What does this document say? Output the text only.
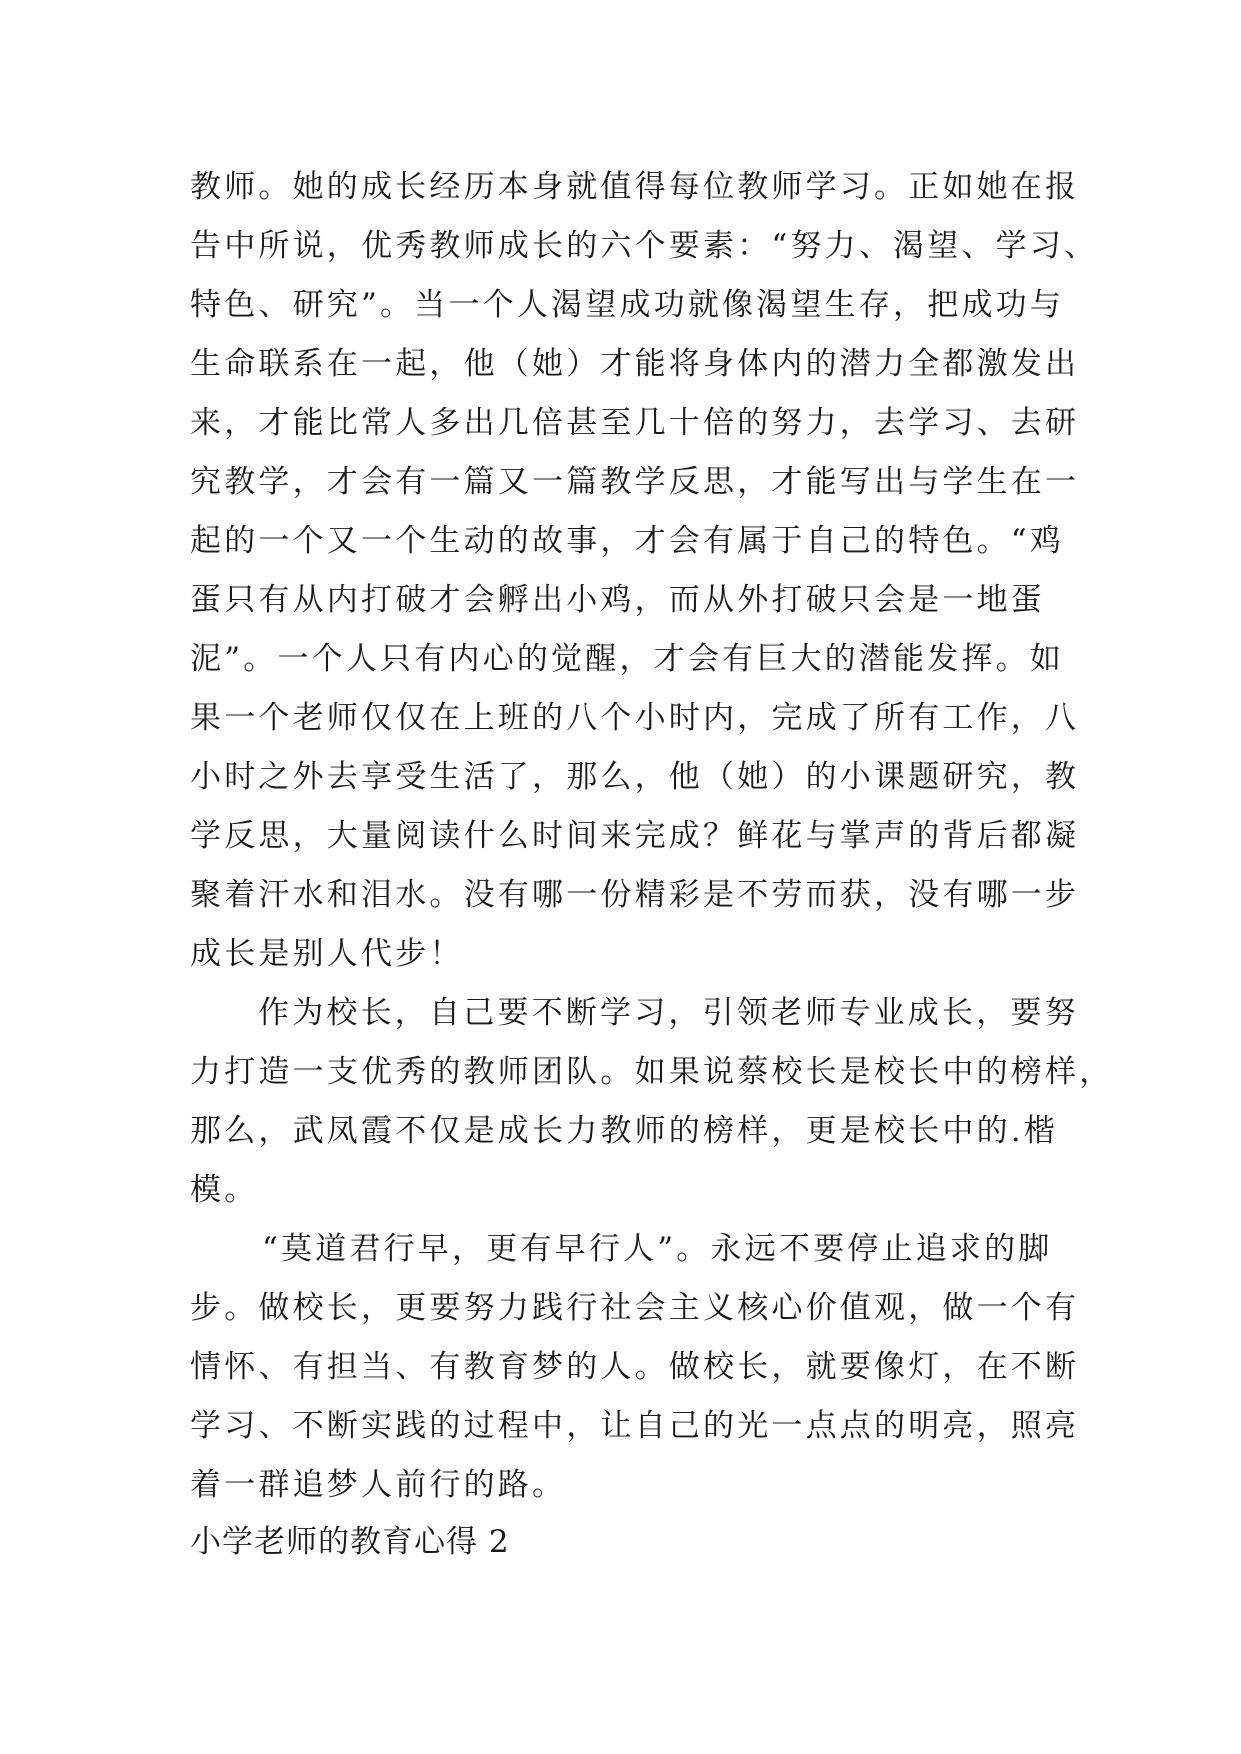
教师。她的成长经历本身就值得每位教师学习。正如她在报
告中所说，优秀教师成长的六个要素：“努力、渴望、学习、
特色、研究”。当一个人渴望成功就像渴望生存，把成功与
生命联系在一起，他（她）才能将身体内的潜力全都激发出
来，才能比常人多出几倍甚至几十倍的努力，去学习、去研
究教学，才会有一篇又一篇教学反思，才能写出与学生在一
起的一个又一个生动的故事，才会有属于自己的特色。“鸡
蛋只有从内打破才会孵出小鸡，而从外打破只会是一地蛋
泥”。一个人只有内心的觉醒，才会有巨大的潜能发挥。如
果一个老师仅仅在上班的八个小时内，完成了所有工作，八
小时之外去享受生活了，那么，他（她）的小课题研究，教
学反思，大量阅读什么时间来完成？鲜花与掌声的背后都凝
聚着汗水和泪水。没有哪一份精彩是不劳而获，没有哪一步
成长是别人代步！
作为校长，自己要不断学习，引领老师专业成长，要努
力打造一支优秀的教师团队。如果说蔡校长是校长中的榜样，
那么，武凤霞不仅是成长力教师的榜样，更是校长中的.楷
模。
“莫道君行早，更有早行人”。永远不要停止追求的脚
步。做校长，更要努力践行社会主义核心价值观，做一个有
情怀、有担当、有教育梦的人。做校长，就要像灯，在不断
学习、不断实践的过程中，让自己的光一点点的明亮，照亮
着一群追梦人前行的路。
小学老师的教育心得 2
